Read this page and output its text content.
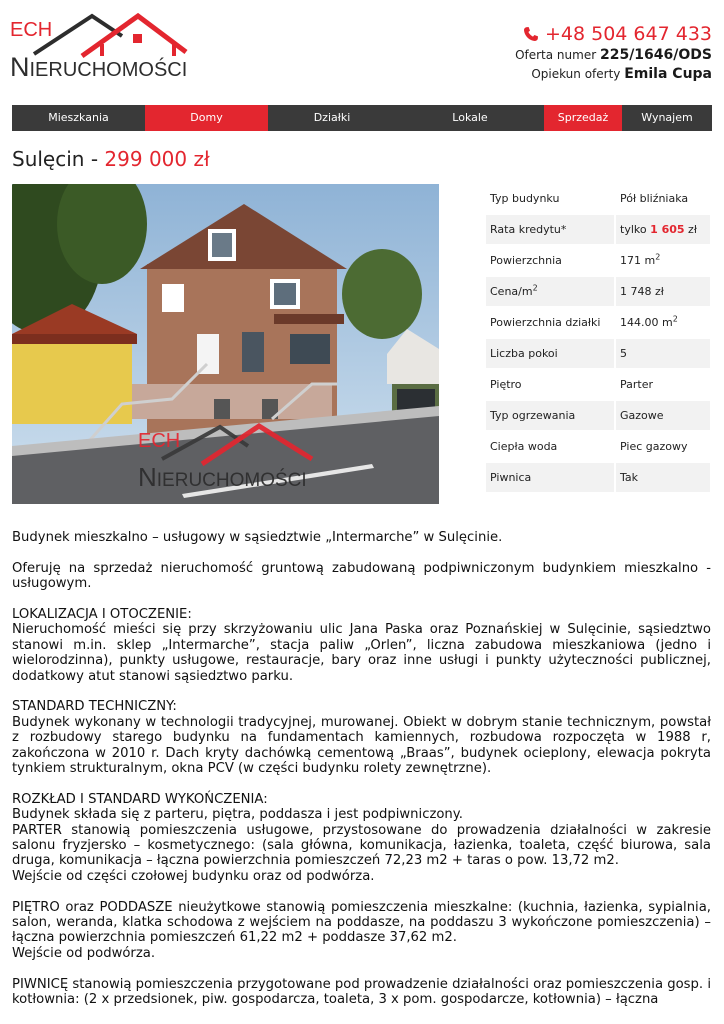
ECH
NIERUCHOMOŚCI
+48 504 647 433
Oferta numer 225/1646/ODS
Opiekun oferty Emila Cupa
Mieszkania	Domy	Działki	Lokale	Sprzedaż	Wynajem
Sulęcin - 299 000 zł
ECH
NIERUCHOMOŚCI
Typ budynku	Pół bliźniaka
Rata kredytu*	tylko 1 605 zł
Powierzchnia	171 $m^2$
Cena/$m^2$	1 748 zł
Powierzchnia działki	144.00 $m^2$
Liczba pokoi	5
Piętro	Parter
Typ ogrzewania	Gazowe
Ciepła woda	Piec gazowy
Piwnica	Tak

Budynek mieszkalno – usługowy w sąsiedztwie „Intermarche” w Sulęcinie.

Oferuję na sprzedaż nieruchomość gruntową zabudowaną podpiwniczonym budynkiem mieszkalno - usługowym.

LOKALIZACJA I OTOCZENIE:
Nieruchomość mieści się przy skrzyżowaniu ulic Jana Paska oraz Poznańskiej w Sulęcinie, sąsiedztwo stanowi m.in. sklep „Intermarche”, stacja paliw „Orlen”, liczna zabudowa mieszkaniowa (jedno i wielorodzinna), punkty usługowe, restauracje, bary oraz inne usługi i punkty użyteczności publicznej, dodatkowy atut stanowi sąsiedztwo parku.

STANDARD TECHNICZNY:
Budynek wykonany w technologii tradycyjnej, murowanej. Obiekt w dobrym stanie technicznym, powstał z rozbudowy starego budynku na fundamentach kamiennych, rozbudowa rozpoczęta w 1988 r, zakończona w 2010 r. Dach kryty dachówką cementową „Braas”, budynek ocieplony, elewacja pokryta tynkiem strukturalnym, okna PCV (w części budynku rolety zewnętrzne).

ROZKŁAD I STANDARD WYKOŃCZENIA:
Budynek składa się z parteru, piętra, poddasza i jest podpiwniczony.
PARTER stanowią pomieszczenia usługowe, przystosowane do prowadzenia działalności w zakresie salonu fryzjersko – kosmetycznego: (sala główna, komunikacja, łazienka, toaleta, część biurowa, sala druga, komunikacja – łączna powierzchnia pomieszczeń 72,23 m2 + taras o pow. 13,72 m2.
Wejście od części czołowej budynku oraz od podwórza.

PIĘTRO oraz PODDASZE nieużytkowe stanowią pomieszczenia mieszkalne: (kuchnia, łazienka, sypialnia, salon, weranda, klatka schodowa z wejściem na poddasze, na poddaszu 3 wykończone pomieszczenia) – łączna powierzchnia pomieszczeń 61,22 m2 + poddasze 37,62 m2.
Wejście od podwórza.

PIWNICĘ stanowią pomieszczenia przygotowane pod prowadzenie działalności oraz pomieszczenia gosp. i kotłownia: (2 x przedsionek, piw. gospodarcza, toaleta, 3 x pom. gospodarcze, kotłownia) – łączna
